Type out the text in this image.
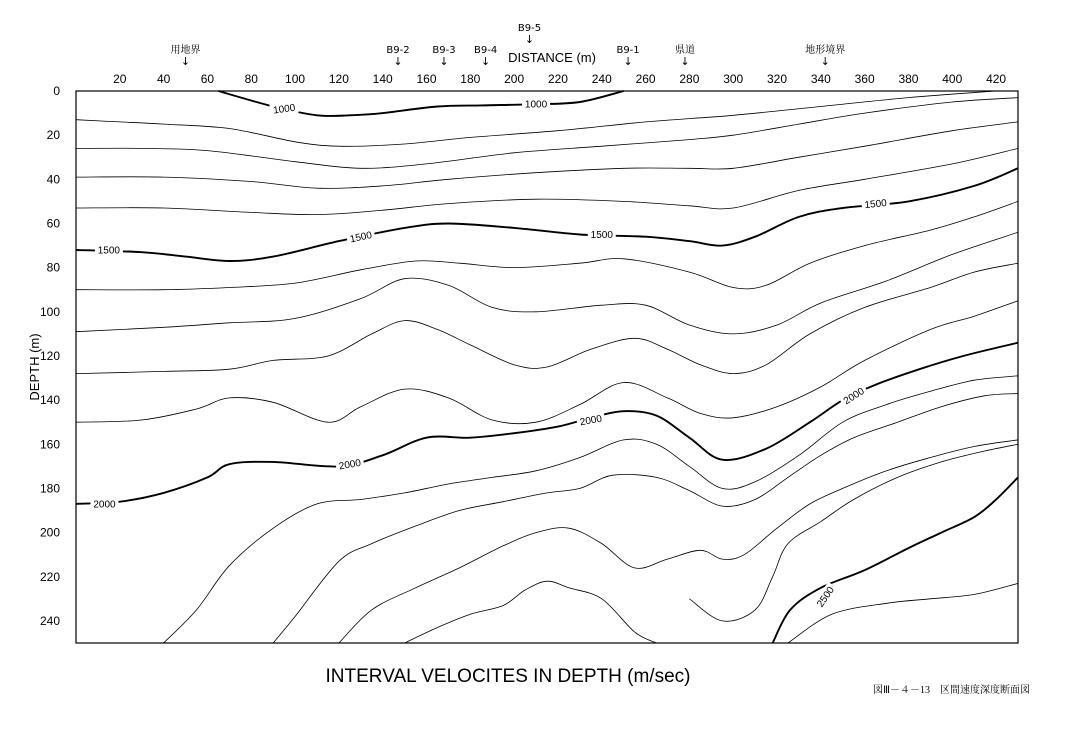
20	40	60	80 100 120 140 160 180 200 220 240 260 280 300 320 340 360 380 400 420
0
20
40
60
80
100
120
140
160
180
200
220
240
用地界
↓
B9-2
↓
B9-3
↓
B9-4
↓
B9-5
↓
B9-1
↓
県道
↓
地形境界
↓
1000	1000
1500
1500	1500
1500
2000
2000
2000
2000
2500
DISTANCE (m)
DEPTH (m)
INTERVAL VELOCITES IN DEPTH (m/sec)
図Ⅲ－４－13　区間速度深度断面図
